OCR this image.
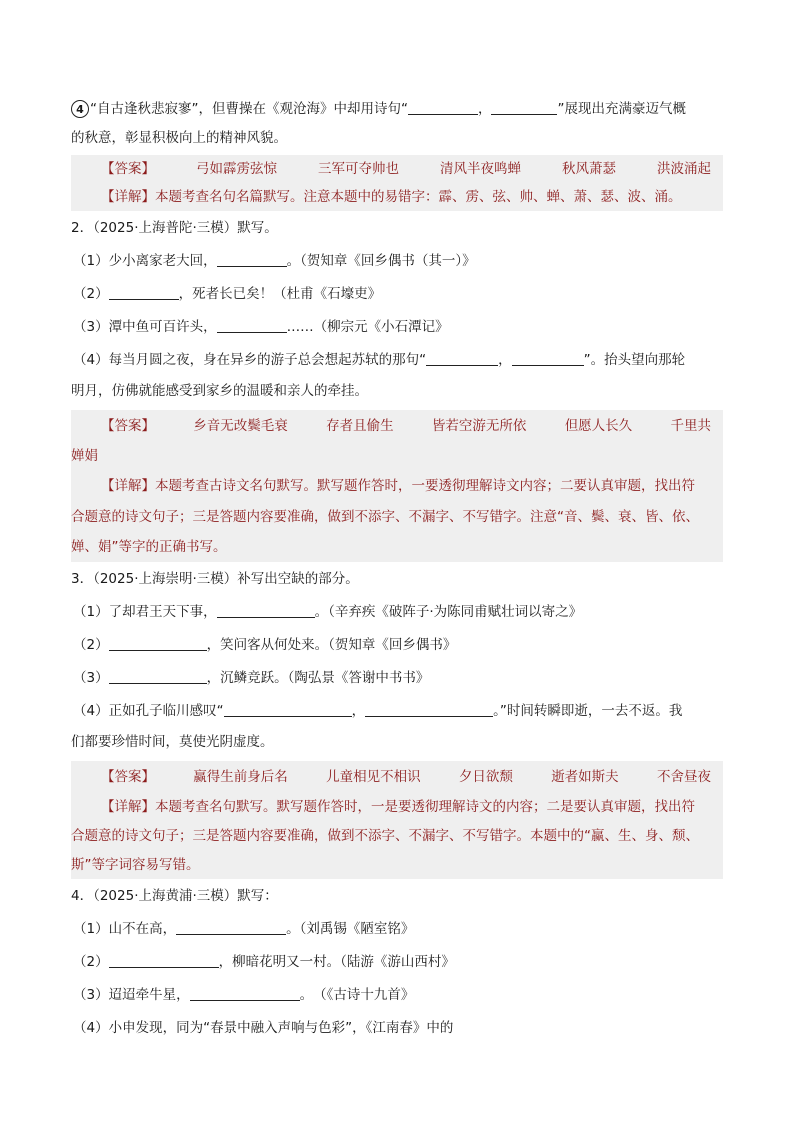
4 “自古逢秋悲寂寥”，但曹操在《观沧海》中却用诗句“	，	”展现出充满豪迈气概

的秋意，彰显积极向上的精神风貌。

【答案】	弓如霹雳弦惊	三军可夺帅也	清风半夜鸣蝉	秋风萧瑟	洪波涌起
【详解】本题考查名句名篇默写。注意本题中的易错字：霹、雳、弦、帅、蝉、萧、瑟、波、涌。

2．（2025·上海普陀·三模）默写。

（1）少小离家老大回，	。（贺知章《回乡偶书（其一）》

（2）	，死者长已矣！（杜甫《石壕吏》

（3）潭中鱼可百许头，	……（柳宗元《小石潭记》

（4）每当月圆之夜，身在异乡的游子总会想起苏轼的那句“	，	”。抬头望向那轮

明月，仿佛就能感受到家乡的温暖和亲人的牵挂。

【答案】	乡音无改鬓毛衰	存者且偷生	皆若空游无所依	但愿人长久	千里共
婵娟
【详解】本题考查古诗文名句默写。默写题作答时，一要透彻理解诗文内容；二要认真审题，找出符
合题意的诗文句子；三是答题内容要准确，做到不添字、不漏字、不写错字。注意“音、鬓、衰、皆、依、
婵、娟”等字的正确书写。

3．（2025·上海崇明·三模）补写出空缺的部分。

（1）了却君王天下事，	。（辛弃疾《破阵子·为陈同甫赋壮词以寄之》

（2）	，笑问客从何处来。（贺知章《回乡偶书》

（3）	，沉鳞竞跃。（陶弘景《答谢中书书》

（4）正如孔子临川感叹“	，	。”时间转瞬即逝，一去不返。我

们都要珍惜时间，莫使光阴虚度。

【答案】	赢得生前身后名	儿童相见不相识	夕日欲颓	逝者如斯夫	不舍昼夜
【详解】本题考查名句默写。默写题作答时，一是要透彻理解诗文的内容；二是要认真审题，找出符
合题意的诗文句子；三是答题内容要准确，做到不添字、不漏字、不写错字。本题中的“赢、生、身、颓、
斯”等字词容易写错。

4．（2025·上海黄浦·三模）默写：

（1）山不在高，	。（刘禹锡《陋室铭》

（2）	，柳暗花明又一村。（陆游《游山西村》

（3）迢迢牵牛星，	。　（《古诗十九首》

（4）小申发现，同为“春景中融入声响与色彩”，《江南春》中的
